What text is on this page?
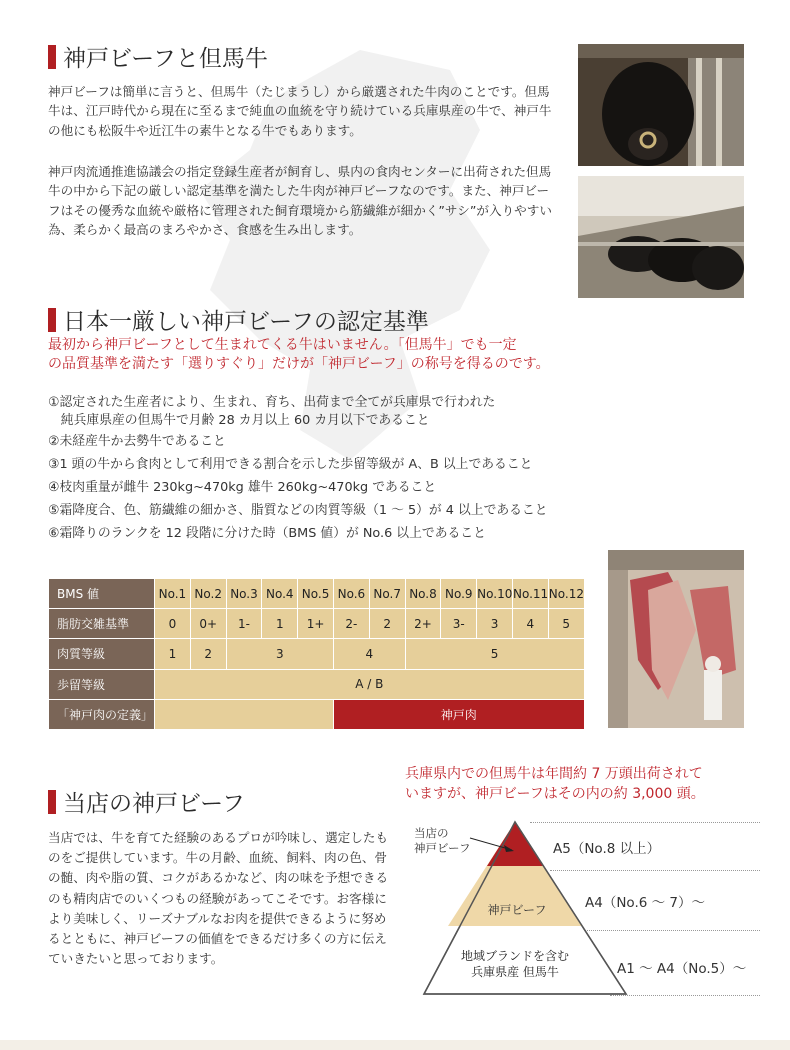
神戸ビーフと但馬牛

神戸ビーフは簡単に言うと、但馬牛（たじまうし）から厳選された牛肉のことです。但馬牛は、江戸時代から現在に至るまで純血の血統を守り続けている兵庫県産の牛で、神戸牛の他にも松阪牛や近江牛の素牛となる牛でもあります。

神戸肉流通推進協議会の指定登録生産者が飼育し、県内の食肉センターに出荷された但馬牛の中から下記の厳しい認定基準を満たした牛肉が神戸ビーフなのです。また、神戸ビーフはその優秀な血統や厳格に管理された飼育環境から筋繊維が細かく”サシ”が入りやすい為、柔らかく最高のまろやかさ、食感を生み出します。

日本一厳しい神戸ビーフの認定基準
最初から神戸ビーフとして生まれてくる牛はいません。「但馬牛」でも一定
の品質基準を満たす「選りすぐり」だけが「神戸ビーフ」の称号を得るのです。
①認定された生産者により、生まれ、育ち、出荷まで全てが兵庫県で行われた
　純兵庫県産の但馬牛で月齢 28 カ月以上 60 カ月以下であること
②未経産牛か去勢牛であること
③1 頭の牛から食肉として利用できる割合を示した歩留等級が A、B 以上であること
④枝肉重量が雌牛 230kg~470kg 雄牛 260kg~470kg であること
⑤霜降度合、色、筋繊維の細かさ、脂質などの肉質等級（1 ～ 5）が 4 以上であること
⑥霜降りのランクを 12 段階に分けた時（BMS 値）が No.6 以上であること
BMS 値	No.1	No.2	No.3	No.4	No.5	No.6	No.7	No.8	No.9	No.10	No.11	No.12
脂肪交雑基準	0	0+	1-	1	1+	2-	2	2+	3-	3	4	5
肉質等級	1	2	3			4		5				
歩留等級	A / B											
「神戸肉の定義」						神戸肉						
当店の神戸ビーフ

当店では、牛を育てた経験のあるプロが吟味し、選定したものをご提供しています。牛の月齢、血統、飼料、肉の色、骨の髄、肉や脂の質、コクがあるかなど、肉の味を予想できるのも精肉店でのいくつもの経験があってこそです。お客様により美味しく、リーズナブルなお肉を提供できるように努めるとともに、神戸ビーフの価値をできるだけ多くの方に伝えていきたいと思っております。

兵庫県内での但馬牛は年間約 7 万頭出荷されて
いますが、神戸ビーフはその内の約 3,000 頭。
当店の
神戸ビーフ
神戸ビーフ
地域ブランドを含む
兵庫県産 但馬牛
A5（No.8 以上）
A4（No.6 ～ 7）～
A1 ～ A4（No.5）～
